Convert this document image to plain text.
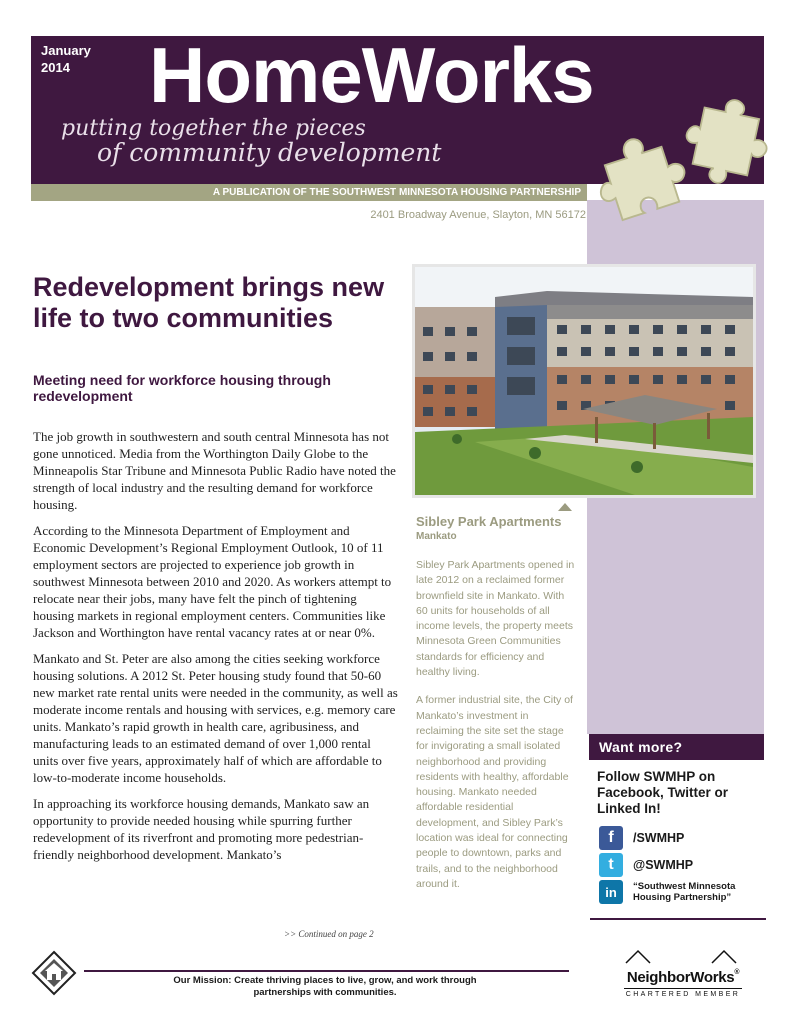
January
2014 HomeWorks
putting together the pieces
of community development
A PUBLICATION OF THE SOUTHWEST MINNESOTA HOUSING PARTNERSHIP
2401 Broadway Avenue, Slayton, MN 56172
Redevelopment brings new life to two communities
Meeting need for workforce housing through redevelopment

The job growth in southwestern and south central Minnesota has not gone unnoticed. Media from the Worthington Daily Globe to the Minneapolis Star Tribune and Minnesota Public Radio have noted the strength of local industry and the resulting demand for workforce housing.

According to the Minnesota Department of Employment and Economic Development’s Regional Employment Outlook, 10 of 11 employment sectors are projected to experience job growth in southwest Minnesota between 2010 and 2020. As workers attempt to relocate near their jobs, many have felt the pinch of tightening housing markets in regional employment centers. Communities like Jackson and Worthington have rental vacancy rates at or near 0%.

Mankato and St. Peter are also among the cities seeking workforce housing solutions. A 2012 St. Peter housing study found that 50-60 new market rate rental units were needed in the community, as well as moderate income rentals and housing with services, e.g. memory care units. Mankato’s rapid growth in health care, agribusiness, and manufacturing leads to an estimated demand of over 1,000 rental units over five years, approximately half of which are affordable to low-to-moderate income households.

In approaching its workforce housing demands, Mankato saw an opportunity to provide needed housing while spurring further redevelopment of its riverfront and promoting more pedestrian-friendly neighborhood development. Mankato’s

>> Continued on page 2
Sibley Park Apartments
Mankato

Sibley Park Apartments opened in late 2012 on a reclaimed former brownfield site in Mankato. With 60 units for households of all income levels, the property meets Minnesota Green Communities standards for efficiency and healthy living.

A former industrial site, the City of Mankato’s investment in reclaiming the site set the stage for invigorating a small isolated neighborhood and providing residents with healthy, affordable housing. Mankato needed affordable residential development, and Sibley Park’s location was ideal for connecting people to downtown, parks and trails, and to the neighborhood around it.

Want more?
Follow SWMHP on Facebook, Twitter or Linked In!
f	/SWMHP
t	@SWMHP
in	“Southwest Minnesota Housing Partnership”
Our Mission: Create thriving places to live, grow, and work through partnerships with communities.
NeighborWorks®
CHARTERED MEMBER
